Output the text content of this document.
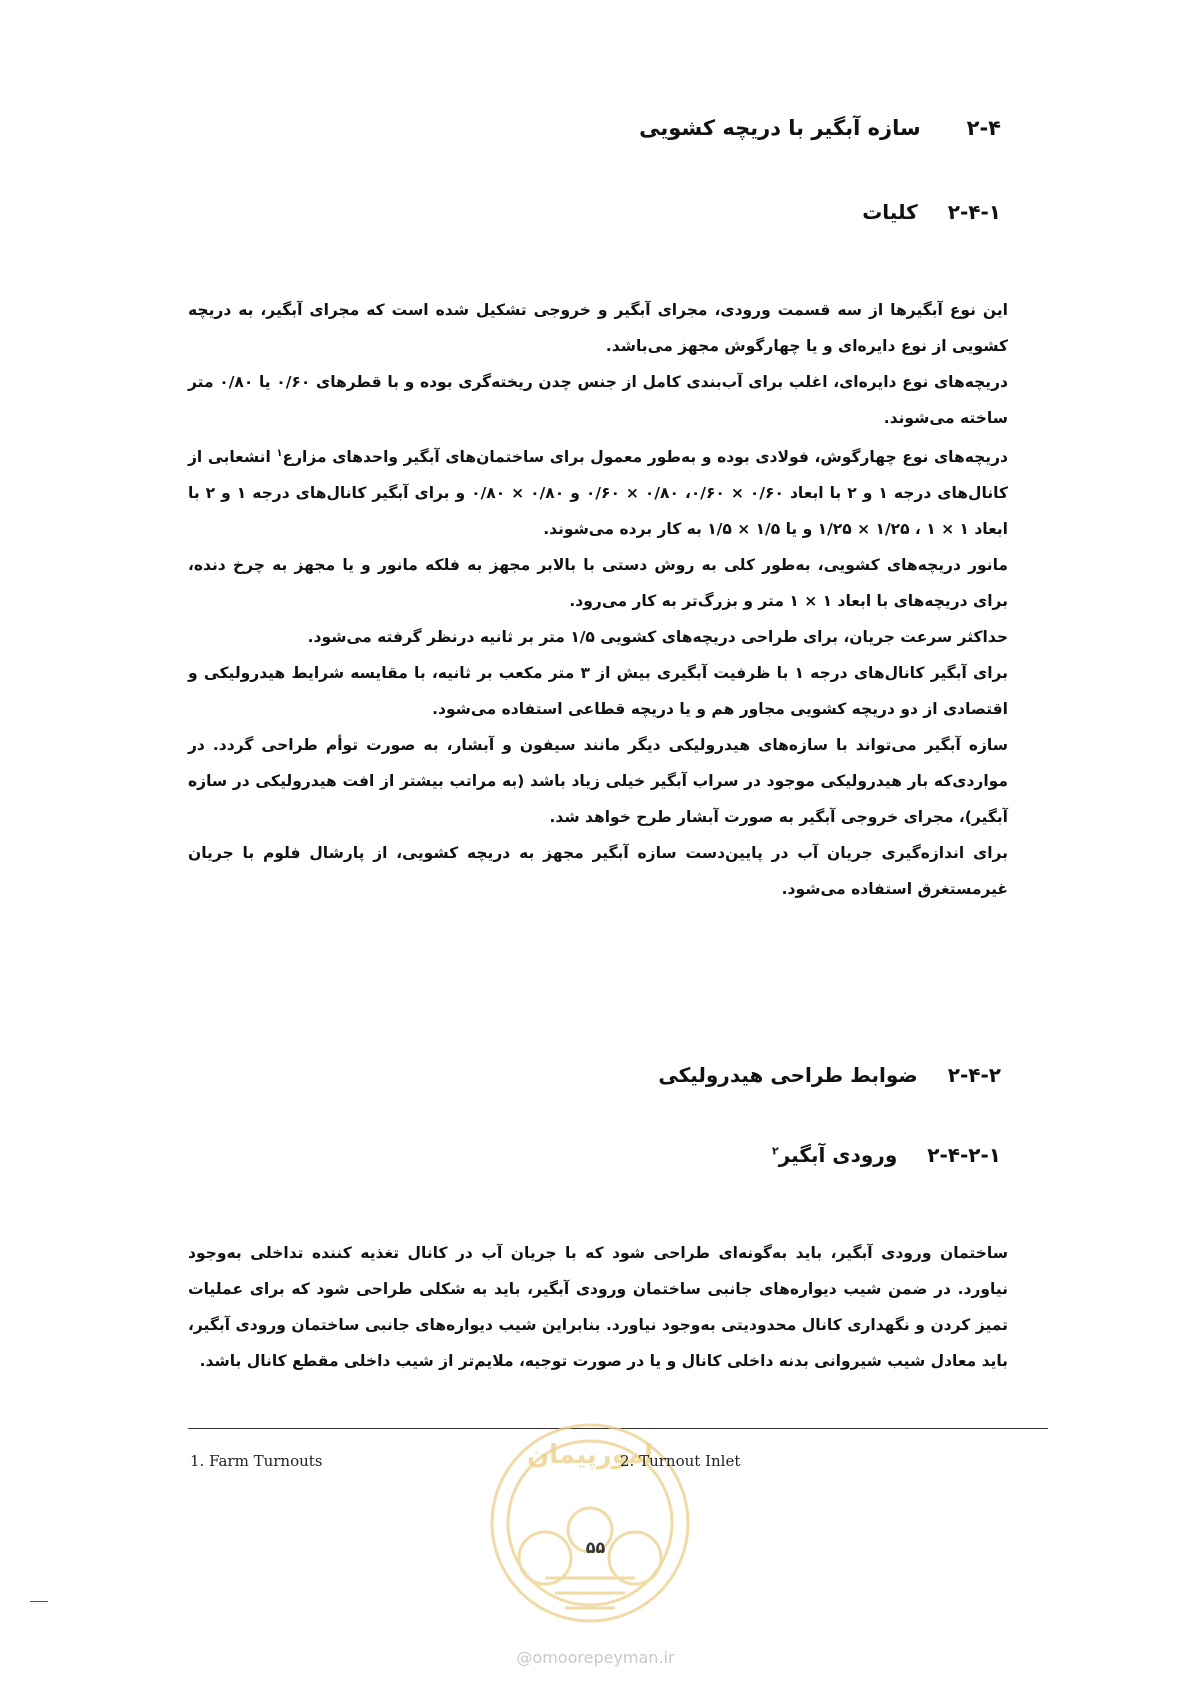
۲-۴سازه آبگیر با دریچه کشویی
۲-۴-۱کلیات

این نوع آبگیرها از سه قسمت ورودی، مجرای آبگیر و خروجی تشکیل شده است که مجرای آبگیر، به دریچه کشویی از نوع دایره‌ای و یا چهارگوش مجهز می‌باشد.

دریچه‌های نوع دایره‌ای، اغلب برای آب‌بندی کامل از جنس چدن ریخته‌گری بوده و با قطرهای ۰/۶۰ یا ۰/۸۰ متر ساخته می‌شوند.

دریچه‌های نوع چهارگوش، فولادی بوده و به‌طور معمول برای ساختمان‌های آبگیر واحدهای مزارع$^۱$ انشعابی از کانال‌های درجه ۱ و ۲ با ابعاد ۰/۶۰ × ۰/۶۰، ۰/۸۰ × ۰/۶۰ و ۰/۸۰ × ۰/۸۰ و برای آبگیر کانال‌های درجه ۱ و ۲ با ابعاد ۱ × ۱ ، ۱/۲۵ × ۱/۲۵ و یا ۱/۵ × ۱/۵ به کار برده می‌شوند.

مانور دریچه‌های کشویی، به‌طور کلی به روش دستی با بالابر مجهز به فلکه مانور و یا مجهز به چرخ دنده، برای دریچه‌های با ابعاد ۱ × ۱ متر و بزرگ‌تر به کار می‌رود.

حداکثر سرعت جریان، برای طراحی دریچه‌های کشویی ۱/۵ متر بر ثانیه درنظر گرفته می‌شود.

برای آبگیر کانال‌های درجه ۱ با ظرفیت آبگیری بیش از ۳ متر مکعب بر ثانیه، با مقایسه شرایط هیدرولیکی و اقتصادی از دو دریچه کشویی مجاور هم و یا دریچه قطاعی استفاده می‌شود.

سازه آبگیر می‌تواند با سازه‌های هیدرولیکی دیگر مانند سیفون و آبشار، به صورت توأم طراحی گردد. در مواردی‌که بار هیدرولیکی موجود در سراب آبگیر خیلی زیاد باشد (به مراتب بیشتر از افت هیدرولیکی در سازه آبگیر)، مجرای خروجی آبگیر به صورت آبشار طرح خواهد شد.

برای اندازه‌گیری جریان آب در پایین‌دست سازه آبگیر مجهز به دریچه کشویی، از پارشال فلوم با جریان غیرمستغرق استفاده می‌شود.

۲-۴-۲ضوابط طراحی هیدرولیکی
۲-۴-۲-۱ورودی آبگیر$^۲$

ساختمان ورودی آبگیر، باید به‌گونه‌ای طراحی شود که با جریان آب در کانال تغذیه کننده تداخلی به‌وجود نیاورد. در ضمن شیب دیواره‌های جانبی ساختمان ورودی آبگیر، باید به شکلی طراحی شود که برای عملیات تمیز کردن و نگهداری کانال محدودیتی به‌وجود نیاورد. بنابراین شیب دیواره‌های جانبی ساختمان ورودی آبگیر، باید معادل شیب شیروانی بدنه داخلی کانال و یا در صورت توجیه، ملایم‌تر از شیب داخلی مقطع کانال باشد.

امورپیمان
1. Farm Turnouts	2. Turnout Inlet
۵۵
@omoorepeyman.ir
